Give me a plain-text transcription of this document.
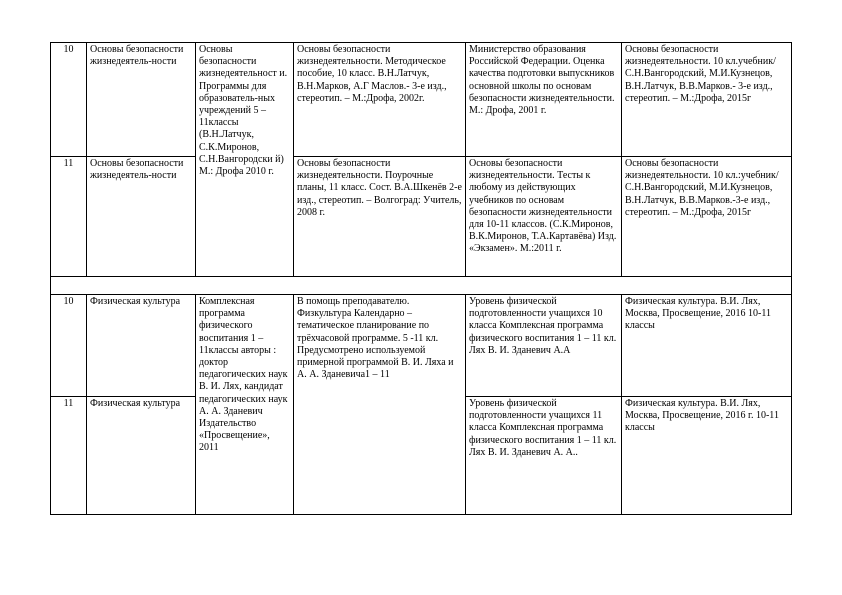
10	Основы безопасности жизнедеятель-ности	Основы безопасности жизнедеятельност и. Программы для образователь-ных учреждений 5 – 11классы (В.Н.Латчук, С.К.Миронов, С.Н.Вангородски й) М.: Дрофа 2010 г.	Основы безопасности жизнедеятельности. Методическое пособие, 10 класс. В.Н.Латчук, В.Н.Марков, А.Г Маслов.- 3-е изд., стереотип. – М.:Дрофа, 2002г.	Министерство образования Российской Федерации. Оценка качества подготовки выпускников основной школы по основам безопасности жизнедеятельности. М.: Дрофа, 2001 г.	Основы безопасности жизнедеятельности. 10 кл.учебник/ С.Н.Вангородский, М.И.Кузнецов, В.Н.Латчук, В.В.Марков.- 3-е изд., стереотип. – М.:Дрофа, 2015г
11	Основы безопасности жизнедеятель-ности		Основы безопасности жизнедеятельности. Поурочные планы, 11 класс. Сост. В.А.Шкенёв 2-е изд., стереотип. – Волгоград: Учитель, 2008 г.	Основы безопасности жизнедеятельности. Тесты к любому из действующих учебников по основам безопасности жизнедеятельности для 10-11 классов. (С.К.Миронов, В.К.Миронов, Т.А.Картавёва) Изд. «Экзамен». М.:2011 г.	Основы безопасности жизнедеятельности. 10 кл.:учебник/ С.Н.Вангородский, М.И.Кузнецов, В.Н.Латчук, В.В.Марков.-3-е изд., стереотип. – М.:Дрофа, 2015г

10	Физическая культура	Комплексная программа физического воспитания 1 – 11классы авторы : доктор педагогических наук В. И. Лях, кандидат педагогических наук А. А. Зданевич Издательство «Просвещение», 2011	В помощь преподавателю. Физкультура Календарно – тематическое планирование по трёхчасовой программе. 5 -11 кл. Предусмотрено используемой примерной программой В. И. Ляха и А. А. Зданевича1 – 11	Уровень физической подготовленности учащихся 10 класса Комплексная программа физического воспитания 1 – 11 кл. Лях В. И. Зданевич А.А	Физическая культура. В.И. Лях, Москва, Просвещение, 2016 10-11 классы
11	Физическая культура			Уровень физической подготовленности учащихся 11 класса Комплексная программа физического воспитания 1 – 11 кл. Лях В. И. Зданевич А. А..	Физическая культура. В.И. Лях, Москва, Просвещение, 2016 г. 10-11 классы
